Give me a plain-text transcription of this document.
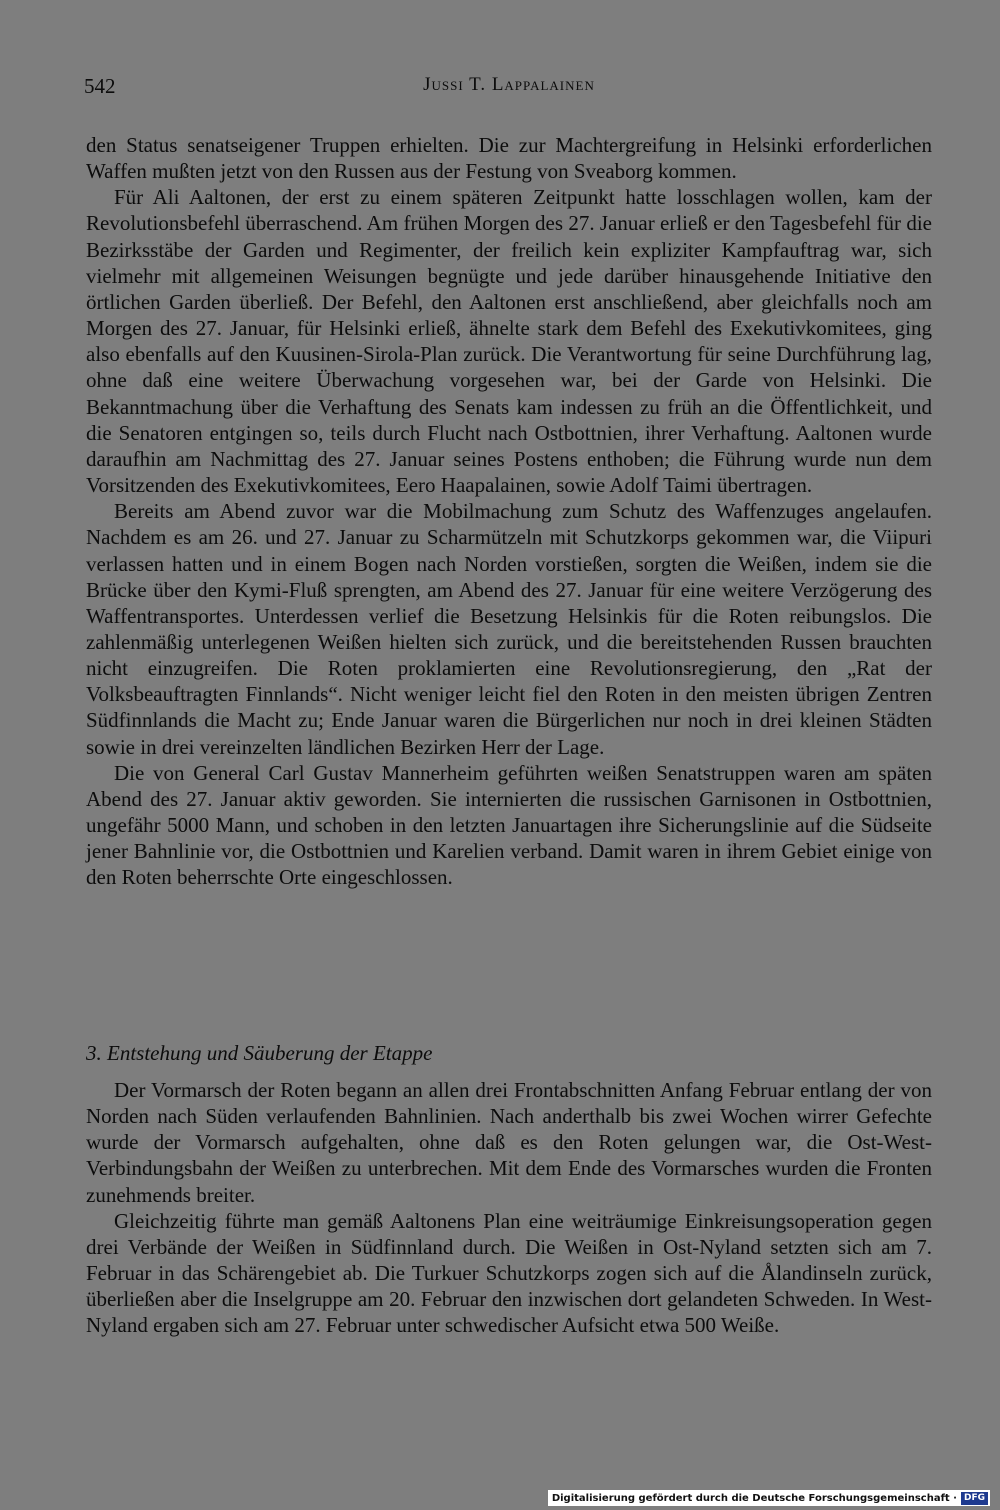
542	Jussi T. Lappalainen

den Status senatseigener Truppen erhielten. Die zur Machtergreifung in Helsinki erforderlichen Waffen mußten jetzt von den Russen aus der Festung von Sveaborg kommen.

Für Ali Aaltonen, der erst zu einem späteren Zeitpunkt hatte losschlagen wollen, kam der Revolutionsbefehl überraschend. Am frühen Morgen des 27. Januar erließ er den Tagesbefehl für die Bezirksstäbe der Garden und Regimenter, der freilich kein expliziter Kampfauftrag war, sich vielmehr mit allgemeinen Weisungen begnügte und jede darüber hinausgehende Initiative den örtlichen Garden überließ. Der Befehl, den Aaltonen erst anschließend, aber gleichfalls noch am Morgen des 27. Januar, für Helsinki erließ, ähnelte stark dem Befehl des Exekutivkomitees, ging also ebenfalls auf den Kuusinen-Sirola-Plan zurück. Die Verantwortung für seine Durchführung lag, ohne daß eine weitere Überwachung vorgesehen war, bei der Garde von Helsinki. Die Bekanntmachung über die Verhaftung des Senats kam indessen zu früh an die Öffentlichkeit, und die Senatoren entgingen so, teils durch Flucht nach Ostbottnien, ihrer Verhaftung. Aaltonen wurde daraufhin am Nachmittag des 27. Januar seines Postens enthoben; die Führung wurde nun dem Vorsitzenden des Exekutivkomitees, Eero Haapalainen, sowie Adolf Taimi übertragen.

Bereits am Abend zuvor war die Mobilmachung zum Schutz des Waffenzuges angelaufen. Nachdem es am 26. und 27. Januar zu Scharmützeln mit Schutzkorps gekommen war, die Viipuri verlassen hatten und in einem Bogen nach Norden vorstießen, sorgten die Weißen, indem sie die Brücke über den Kymi-Fluß sprengten, am Abend des 27. Januar für eine weitere Verzögerung des Waffentransportes. Unterdessen verlief die Besetzung Helsinkis für die Roten reibungslos. Die zahlenmäßig unterlegenen Weißen hielten sich zurück, und die bereitstehenden Russen brauchten nicht einzugreifen. Die Roten proklamierten eine Revolutionsregierung, den „Rat der Volksbeauftragten Finnlands“. Nicht weniger leicht fiel den Roten in den meisten übrigen Zentren Südfinnlands die Macht zu; Ende Januar waren die Bürgerlichen nur noch in drei kleinen Städten sowie in drei vereinzelten ländlichen Bezirken Herr der Lage.

Die von General Carl Gustav Mannerheim geführten weißen Senatstruppen waren am späten Abend des 27. Januar aktiv geworden. Sie internierten die russischen Garnisonen in Ostbottnien, ungefähr 5000 Mann, und schoben in den letzten Januartagen ihre Sicherungslinie auf die Südseite jener Bahnlinie vor, die Ostbottnien und Karelien verband. Damit waren in ihrem Gebiet einige von den Roten beherrschte Orte eingeschlossen.

3. Entstehung und Säuberung der Etappe

Der Vormarsch der Roten begann an allen drei Frontabschnitten Anfang Februar entlang der von Norden nach Süden verlaufenden Bahnlinien. Nach anderthalb bis zwei Wochen wirrer Gefechte wurde der Vormarsch aufgehalten, ohne daß es den Roten gelungen war, die Ost-West-Verbindungsbahn der Weißen zu unterbrechen. Mit dem Ende des Vormarsches wurden die Fronten zunehmends breiter.

Gleichzeitig führte man gemäß Aaltonens Plan eine weiträumige Einkreisungsoperation gegen drei Verbände der Weißen in Südfinnland durch. Die Weißen in Ost-Nyland setzten sich am 7. Februar in das Schärengebiet ab. Die Turkuer Schutzkorps zogen sich auf die Ålandinseln zurück, überließen aber die Inselgruppe am 20. Februar den inzwischen dort gelandeten Schweden. In West-Nyland ergaben sich am 27. Februar unter schwedischer Aufsicht etwa 500 Weiße.

Digitalisierung gefördert durch die Deutsche Forschungsgemeinschaft · DFG
